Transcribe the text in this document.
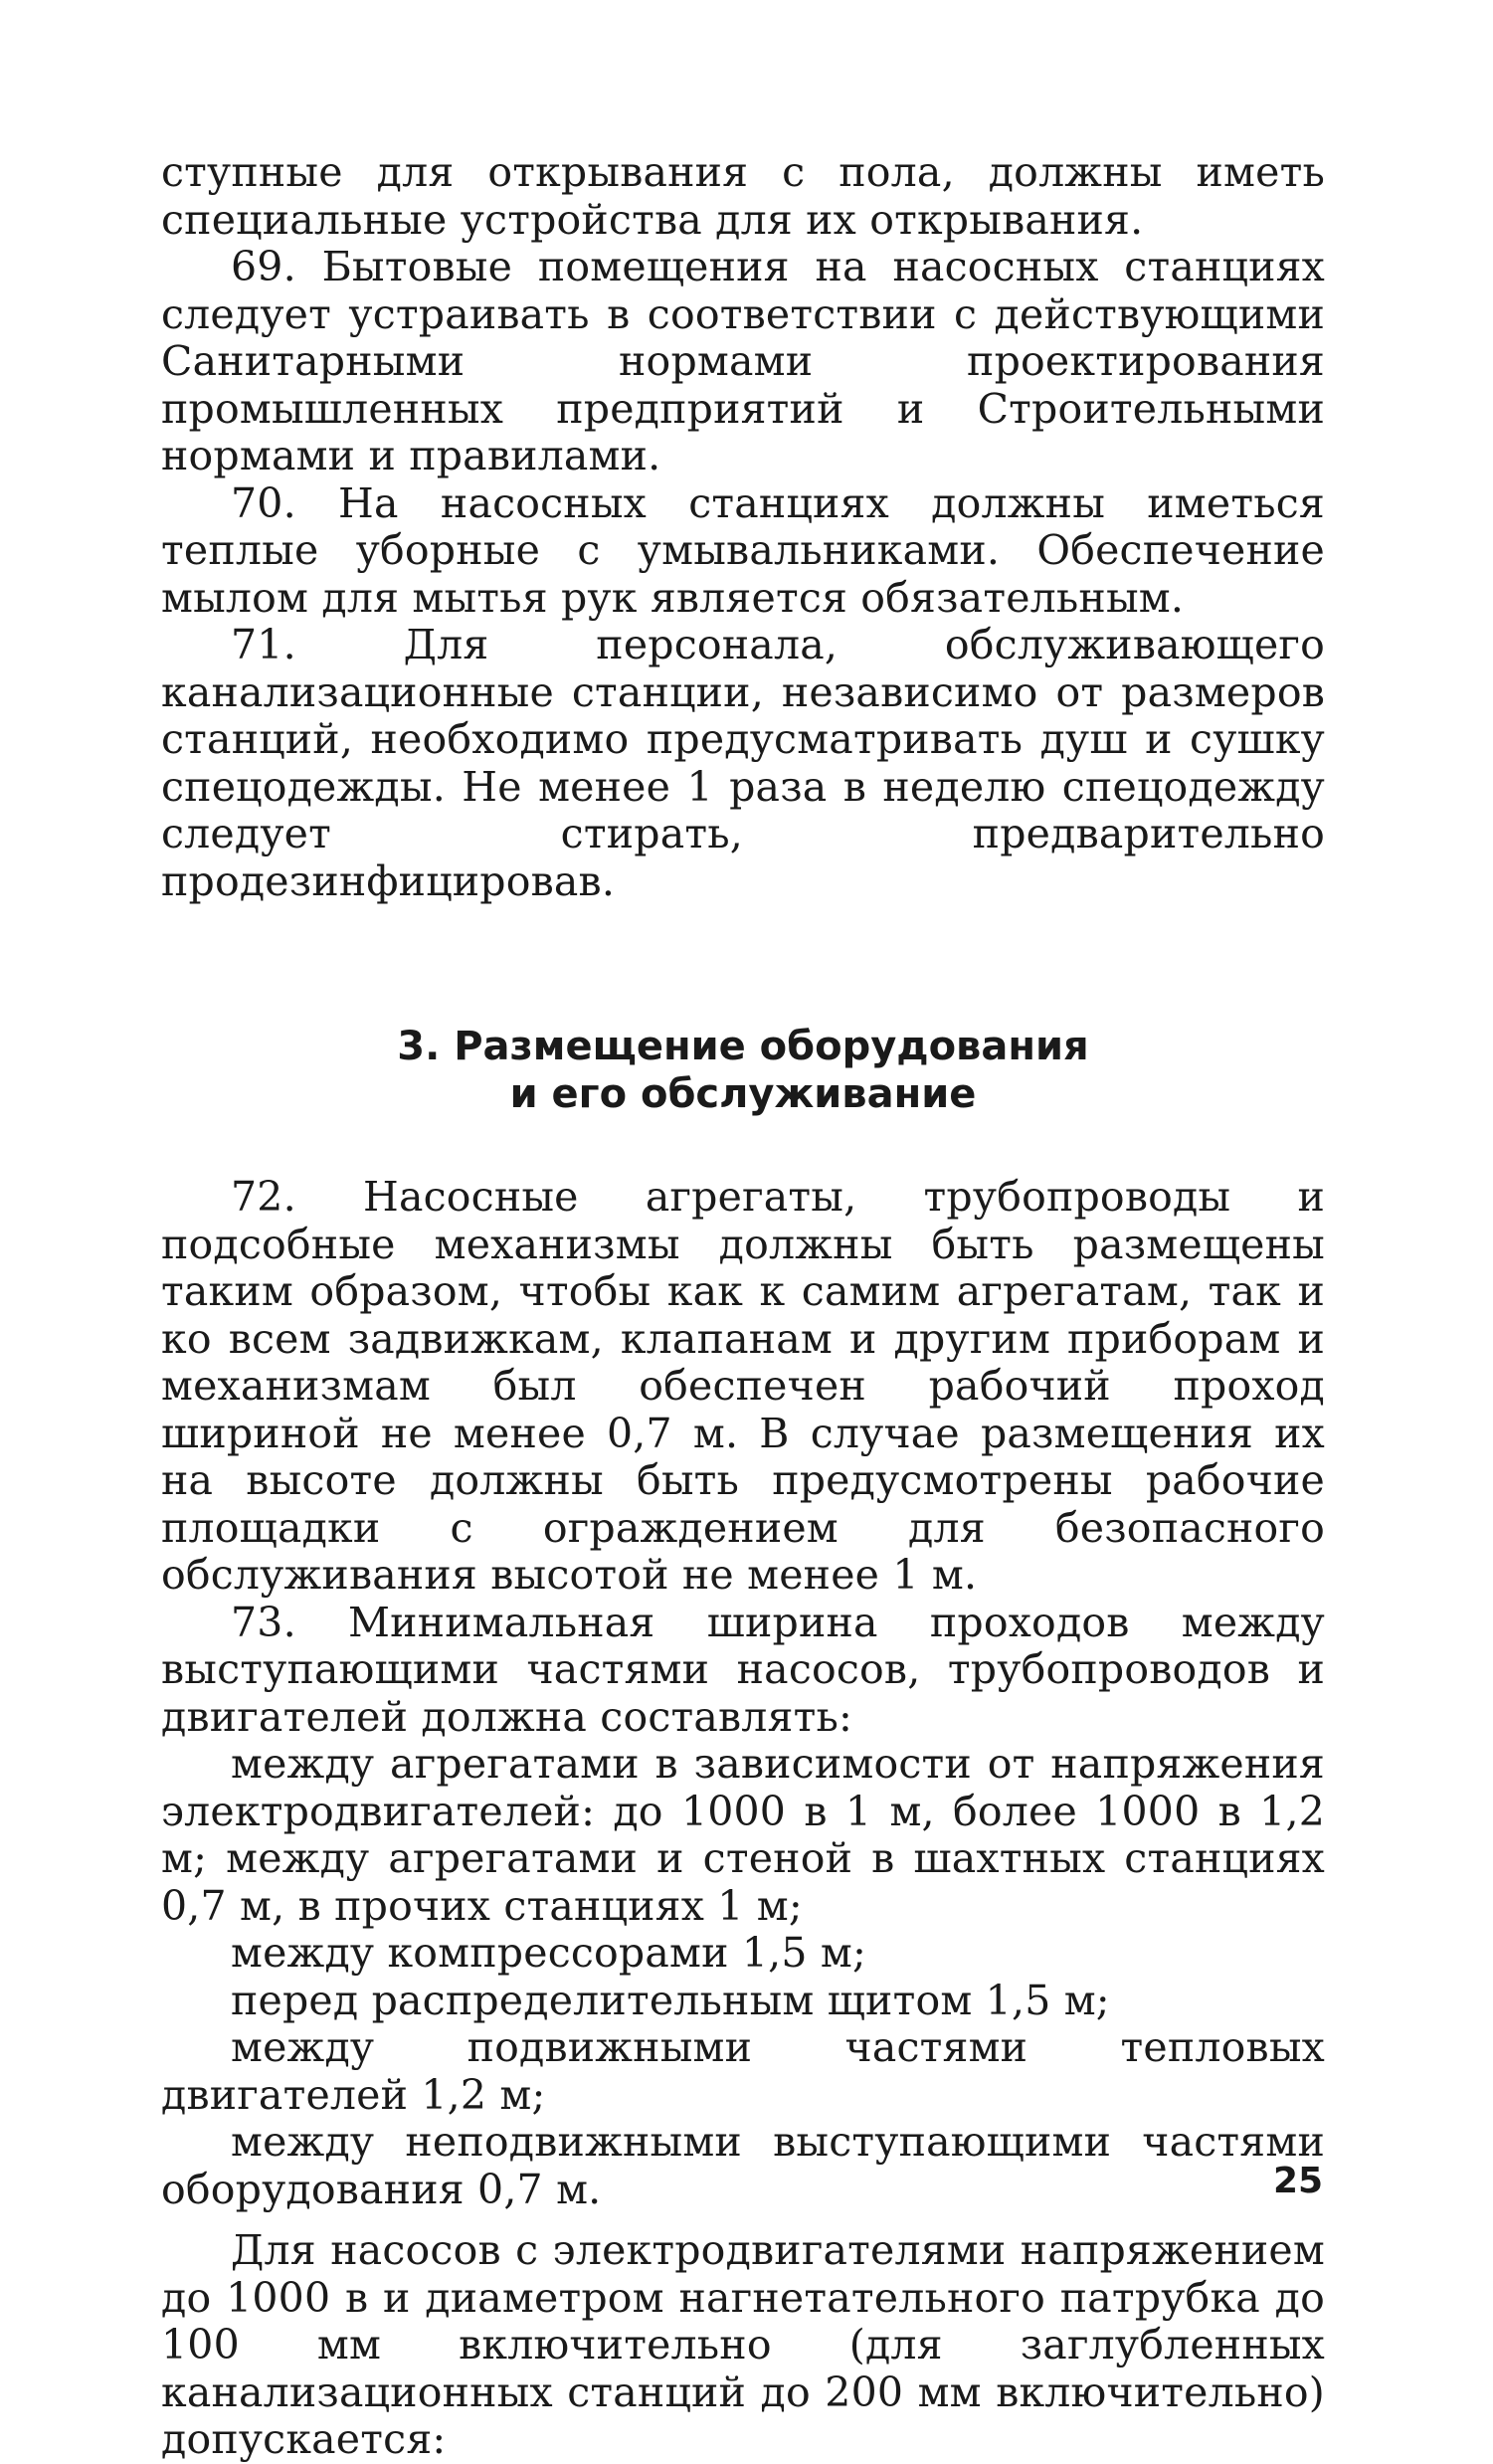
ступные для открывания с пола, должны иметь специальные устройства для их открывания.

69. Бытовые помещения на насосных станциях следует устраивать в соответствии с действующими Санитарными нормами проектирования промышленных предприятий и Строительными нормами и правилами.

70. На насосных станциях должны иметься теплые уборные с умывальниками. Обеспечение мылом для мытья рук является обязательным.

71. Для персонала, обслуживающего канализационные станции, независимо от размеров станций, необходимо предусматривать душ и сушку спецодежды. Не менее 1 раза в неделю спецодежду следует стирать, предварительно продезинфицировав.

3. Размещение оборудования
и его обслуживание

72. Насосные агрегаты, трубопроводы и подсобные механизмы должны быть размещены таким образом, чтобы как к самим агрегатам, так и ко всем задвижкам, клапанам и другим приборам и механизмам был обеспечен рабочий проход шириной не менее 0,7 м. В случае размещения их на высоте должны быть предусмотрены рабочие площадки с ограждением для безопасного обслуживания высотой не менее 1 м.

73. Минимальная ширина проходов между выступающими частями насосов, трубопроводов и двигателей должна составлять:

между агрегатами в зависимости от напряжения электродвигателей: до 1000 в 1 м, более 1000 в 1,2 м; между агрегатами и стеной в шахтных станциях 0,7 м, в прочих станциях 1 м;

между компрессорами 1,5 м;

перед распределительным щитом 1,5 м;

между подвижными частями тепловых двигателей 1,2 м;

между неподвижными выступающими частями оборудования 0,7 м.

Для насосов с электродвигателями напряжением до 1000 в и диаметром нагнетательного патрубка до 100 мм включительно (для заглубленных канализационных станций до 200 мм включительно) допускается:

25
